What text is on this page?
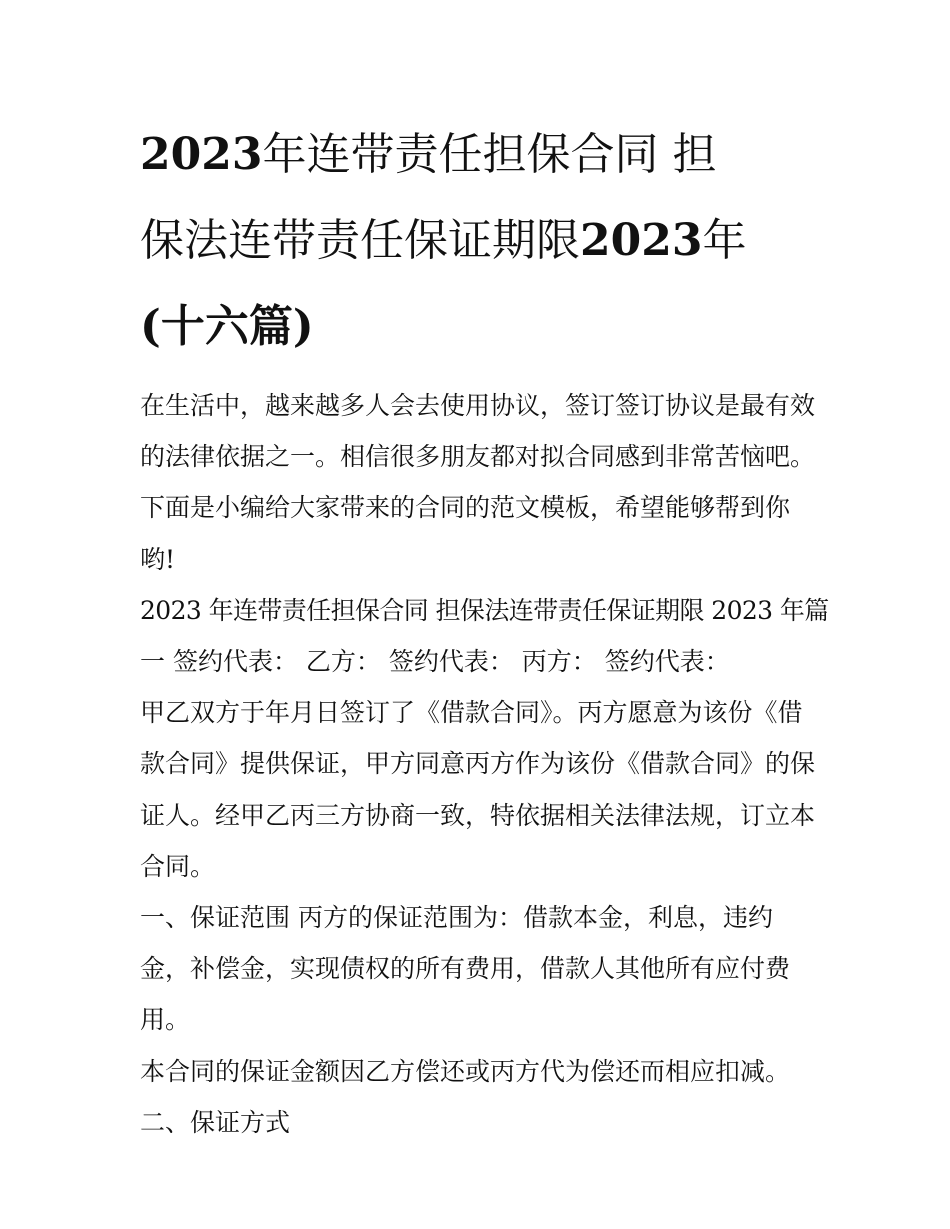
2023年连带责任担保合同 担
保法连带责任保证期限2023年
(十六篇)
在生活中，越来越多人会去使用协议，签订签订协议是最有效
的法律依据之一。相信很多朋友都对拟合同感到非常苦恼吧。
下面是小编给大家带来的合同的范文模板，希望能够帮到你
哟!
2023 年连带责任担保合同 担保法连带责任保证期限 2023 年篇
一 签约代表： 乙方： 签约代表： 丙方： 签约代表：
甲乙双方于年月日签订了《借款合同》。丙方愿意为该份《借
款合同》提供保证，甲方同意丙方作为该份《借款合同》的保
证人。经甲乙丙三方协商一致，特依据相关法律法规，订立本
合同。
一、保证范围 丙方的保证范围为：借款本金，利息，违约
金，补偿金，实现债权的所有费用，借款人其他所有应付费
用。
本合同的保证金额因乙方偿还或丙方代为偿还而相应扣减。
二、保证方式
